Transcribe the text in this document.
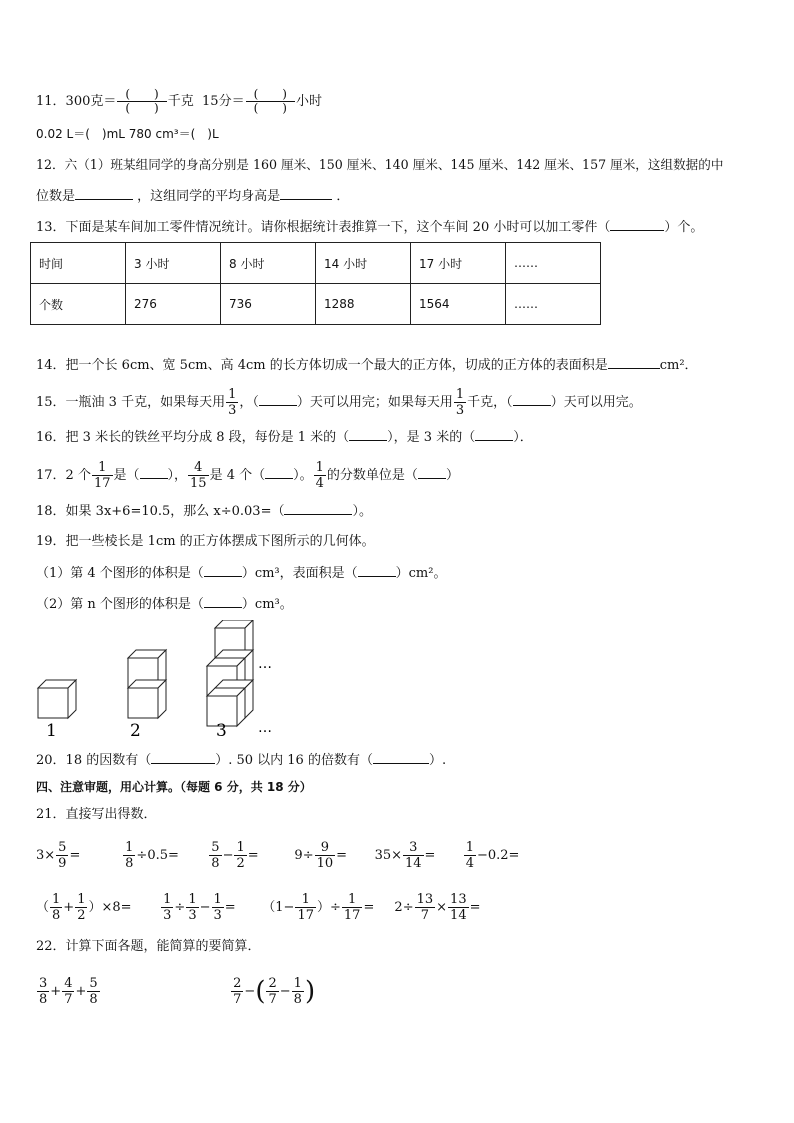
11．300克＝ $\frac{( )}{( )}$ 千克 15分＝ $\frac{( )}{( )}$ 小时
0.02 L＝(　)mL 780 cm³＝(　)L
12．六（1）班某组同学的身高分别是 160 厘米、150 厘米、140 厘米、145 厘米、142 厘米、157 厘米，这组数据的中
位数是	，这组同学的平均身高是	．
13．下面是某车间加工零件情况统计。请你根据统计表推算一下，这个车间 20 小时可以加工零件（	）个。
时间	3 小时	8 小时	14 小时	17 小时	……
个数	276	736	1288	1564	……
14．把一个长 6cm、宽 5cm、高 4cm 的长方体切成一个最大的正方体，切成的正方体的表面积是	cm²．
15．一瓶油 3 千克，如果每天用 $\frac{1}{3}$ ，（	）天可以用完；如果每天用 $\frac{1}{3}$ 千克，（	）天可以用完。
16．把 3 米长的铁丝平均分成 8 段，每份是 1 米的（	），是 3 米的（	）．
17．2 个 $\frac{1}{17}$ 是（ ）， $\frac{4}{15}$ 是 4 个（ ）。 $\frac{1}{4}$ 的分数单位是（ ）
18．如果 3x+6=10.5，那么 x÷0.03=（	）。
19．把一些棱长是 1cm 的正方体摆成下图所示的几何体。
（1）第 4 个图形的体积是（	）cm³，表面积是（	）cm²。
（2）第 n 个图形的体积是（	）cm³。
1	2	3
…
…
20．18 的因数有（	）. 50 以内 16 的倍数有（	）.
四、注意审题，用心计算。（每题 6 分，共 18 分）
21．直接写出得数．
$3\times \frac{5}{9}$ =	$\frac{1}{8} \div 0.5= \frac{5}{8} - \frac{1}{2}$ =	$9\div \frac{9}{10} = 35\times \frac{3}{14} = \frac{1}{4} -0.2=$
（ $\frac{1}{8} + \frac{1}{2} )\times 8= \frac{1}{3} \div \frac{1}{3} - \frac{1}{3} = (1- \frac{1}{17}$ ）÷ $\frac{1}{17} = 2\div \frac{13}{7} \times \frac{13}{14}$ =
22．计算下面各题，能简算的要简算．
$\frac{3}{8} + \frac{4}{7} + \frac{5}{8}$
	$\frac{2}{7}$ −( $\frac{2}{7} - \frac{1}{8}$ )
